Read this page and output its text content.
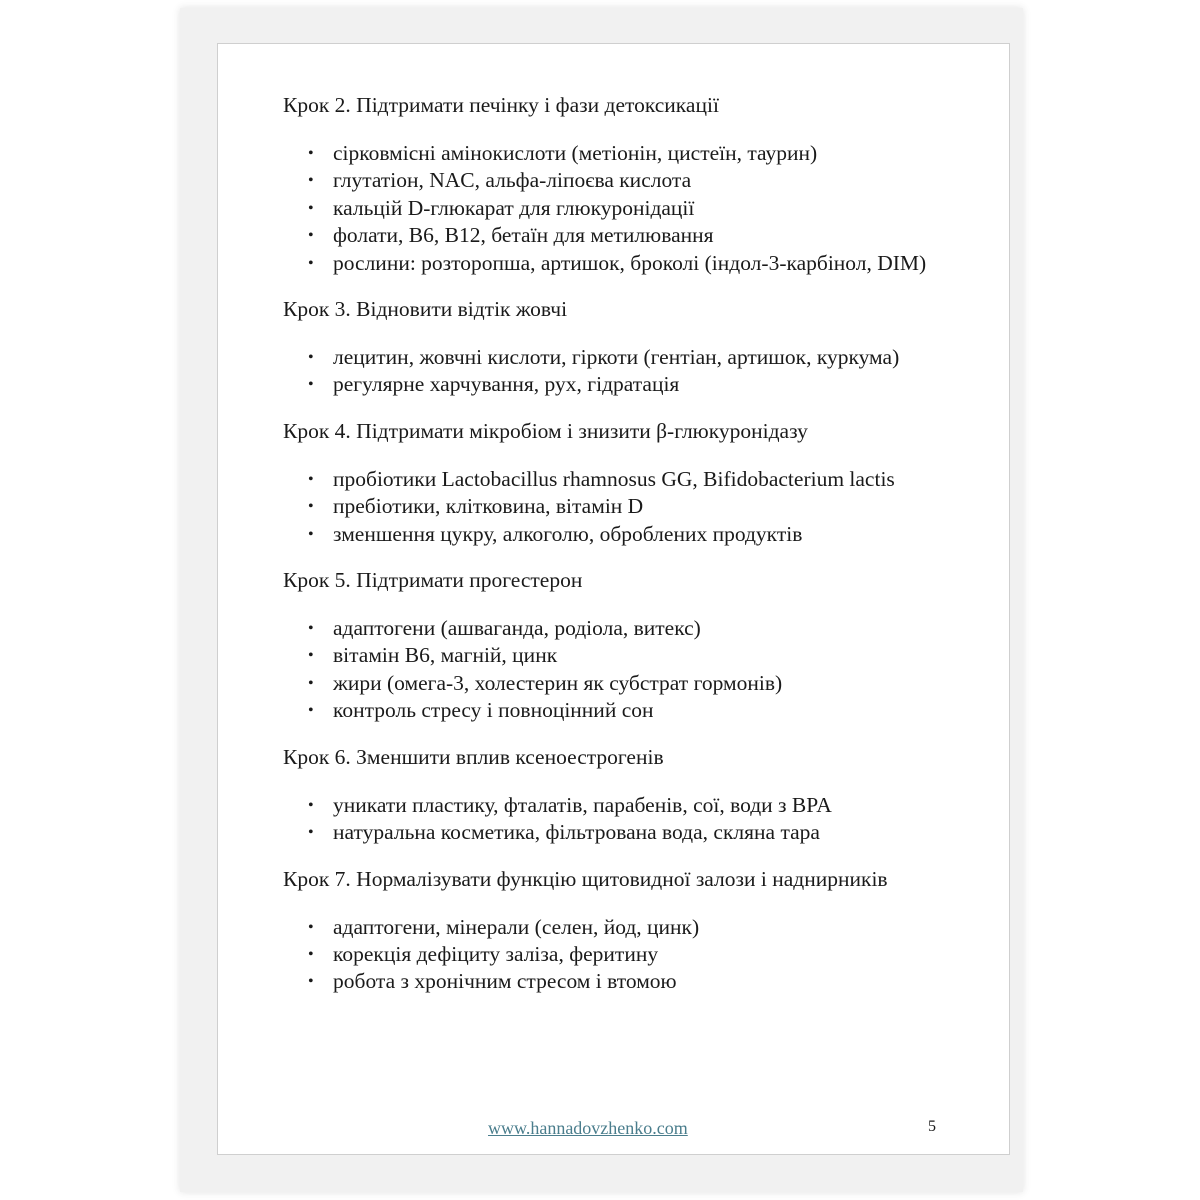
Крок 2. Підтримати печінку і фази детоксикації

• сірковмісні амінокислоти (метіонін, цистеїн, таурин)
• глутатіон, NAC, альфа-ліпоєва кислота
• кальцій D-глюкарат для глюкуронідації
• фолати, B6, B12, бетаїн для метилювання
• рослини: розторопша, артишок, броколі (індол-3-карбінол, DIM)

Крок 3. Відновити відтік жовчі

• лецитин, жовчні кислоти, гіркоти (гентіан, артишок, куркума)
• регулярне харчування, рух, гідратація

Крок 4. Підтримати мікробіом і знизити β-глюкуронідазу

• пробіотики Lactobacillus rhamnosus GG, Bifidobacterium lactis
• пребіотики, клітковина, вітамін D
• зменшення цукру, алкоголю, оброблених продуктів

Крок 5. Підтримати прогестерон

• адаптогени (ашваганда, родіола, витекс)
• вітамін B6, магній, цинк
• жири (омега-3, холестерин як субстрат гормонів)
• контроль стресу і повноцінний сон

Крок 6. Зменшити вплив ксеноестрогенів

• уникати пластику, фталатів, парабенів, сої, води з BPA
• натуральна косметика, фільтрована вода, скляна тара

Крок 7. Нормалізувати функцію щитовидної залози і наднирників

• адаптогени, мінерали (селен, йод, цинк)
• корекція дефіциту заліза, феритину
• робота з хронічним стресом і втомою
www.hannadovzhenko.com	5
